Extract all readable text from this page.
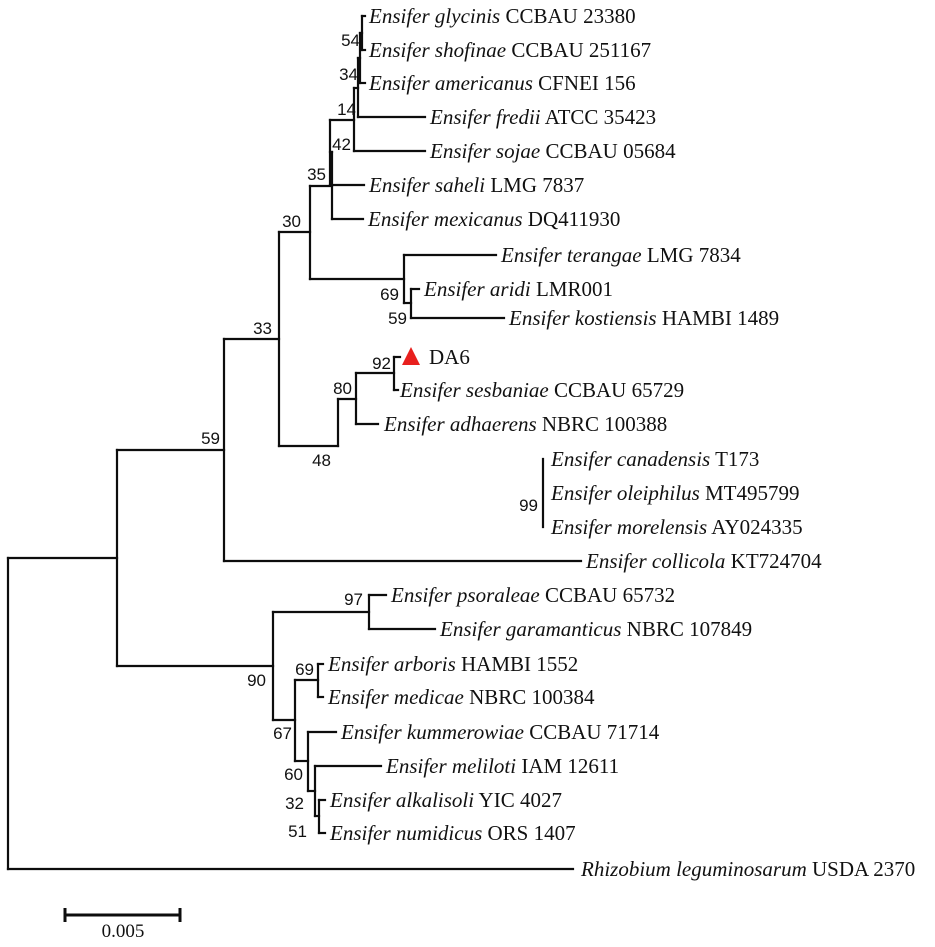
Ensifer glycinis CCBAU 23380
Ensifer shofinae CCBAU 251167
Ensifer americanus CFNEI 156
Ensifer fredii ATCC 35423
Ensifer sojae CCBAU 05684
Ensifer saheli LMG 7837
Ensifer mexicanus DQ411930
Ensifer terangae LMG 7834
Ensifer aridi LMR001
Ensifer kostiensis HAMBI 1489
DA6
Ensifer sesbaniae CCBAU 65729
Ensifer adhaerens NBRC 100388
Ensifer canadensis T173
Ensifer oleiphilus MT495799
Ensifer morelensis AY024335
Ensifer collicola KT724704
Ensifer psoraleae CCBAU 65732
Ensifer garamanticus NBRC 107849
Ensifer arboris HAMBI 1552
Ensifer medicae NBRC 100384
Ensifer kummerowiae CCBAU 71714
Ensifer meliloti IAM 12611
Ensifer alkalisoli YIC 4027
Ensifer numidicus ORS 1407
Rhizobium leguminosarum USDA 2370
54
34
14
42
35
30
69
59
92
80
33
59
48
99
97
90
69
67
60
32
51
0.005
